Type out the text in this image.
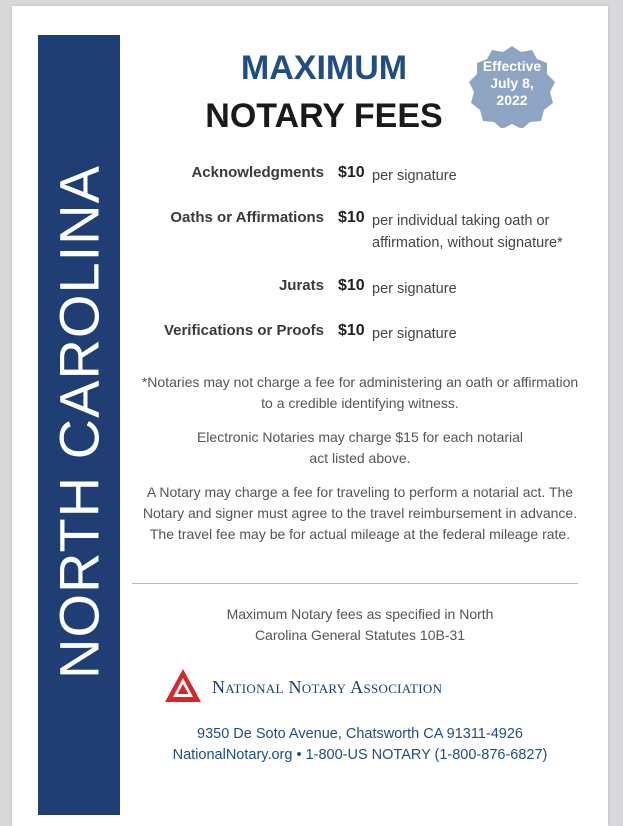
NORTH CAROLINA
MAXIMUM
NOTARY FEES
Effective
July 8,
2022
Acknowledgments $10 per signature
Oaths or Affirmations $10 per individual taking oath or affirmation, without signature*
Jurats $10 per signature
Verifications or Proofs $10 per signature
*Notaries may not charge a fee for administering an oath or affirmation to a credible identifying witness.
Electronic Notaries may charge $15 for each notarial act listed above.
A Notary may charge a fee for traveling to perform a notarial act. The Notary and signer must agree to the travel reimbursement in advance. The travel fee may be for actual mileage at the federal mileage rate.
Maximum Notary fees as specified in North Carolina General Statutes 10B-31
National Notary Association
9350 De Soto Avenue, Chatsworth CA 91311-4926
NationalNotary.org • 1-800-US NOTARY (1-800-876-6827)
